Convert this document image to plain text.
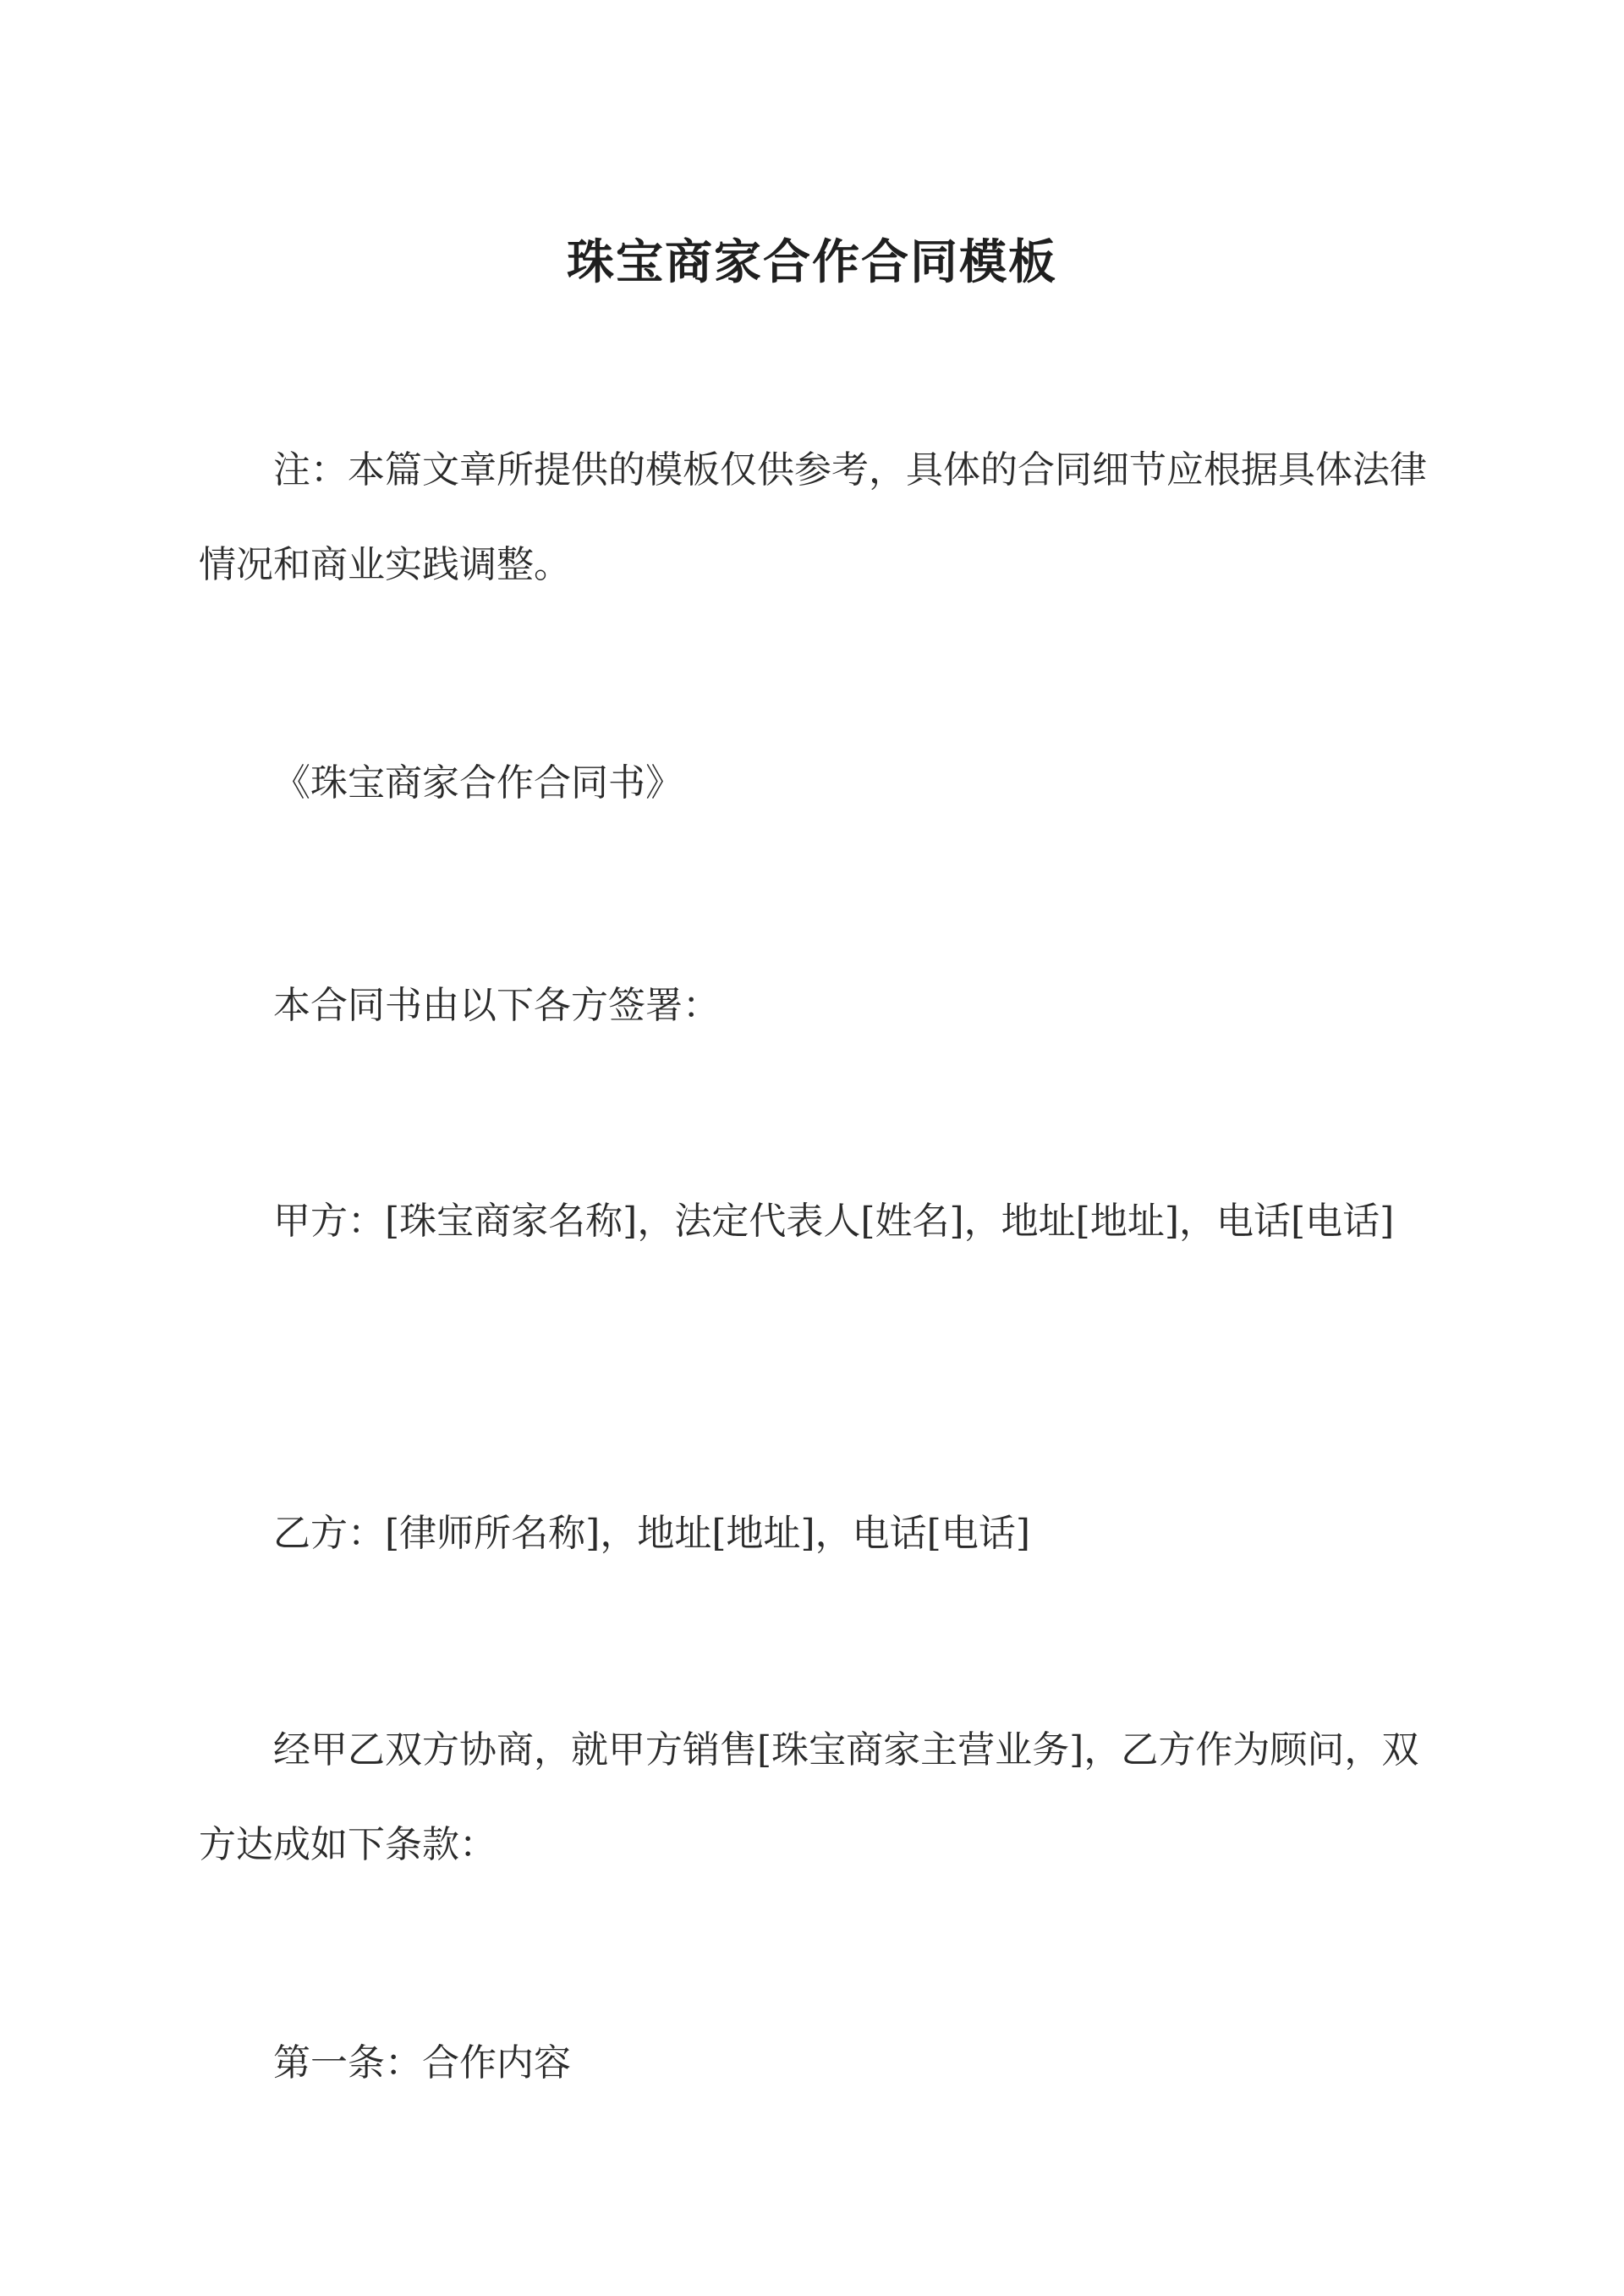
珠宝商家合作合同模板

注：本篇文章所提供的模板仅供参考，具体的合同细节应根据具体法律情况和商业实践调整。

《珠宝商家合作合同书》

本合同书由以下各方签署：

甲方：[珠宝商家名称]，法定代表人[姓名]，地址[地址]，电话[电话]

乙方：[律师所名称]，地址[地址]，电话[电话]

经甲乙双方协商，就甲方销售[珠宝商家主营业务]，乙方作为顾问，双方达成如下条款：

第一条：合作内容
